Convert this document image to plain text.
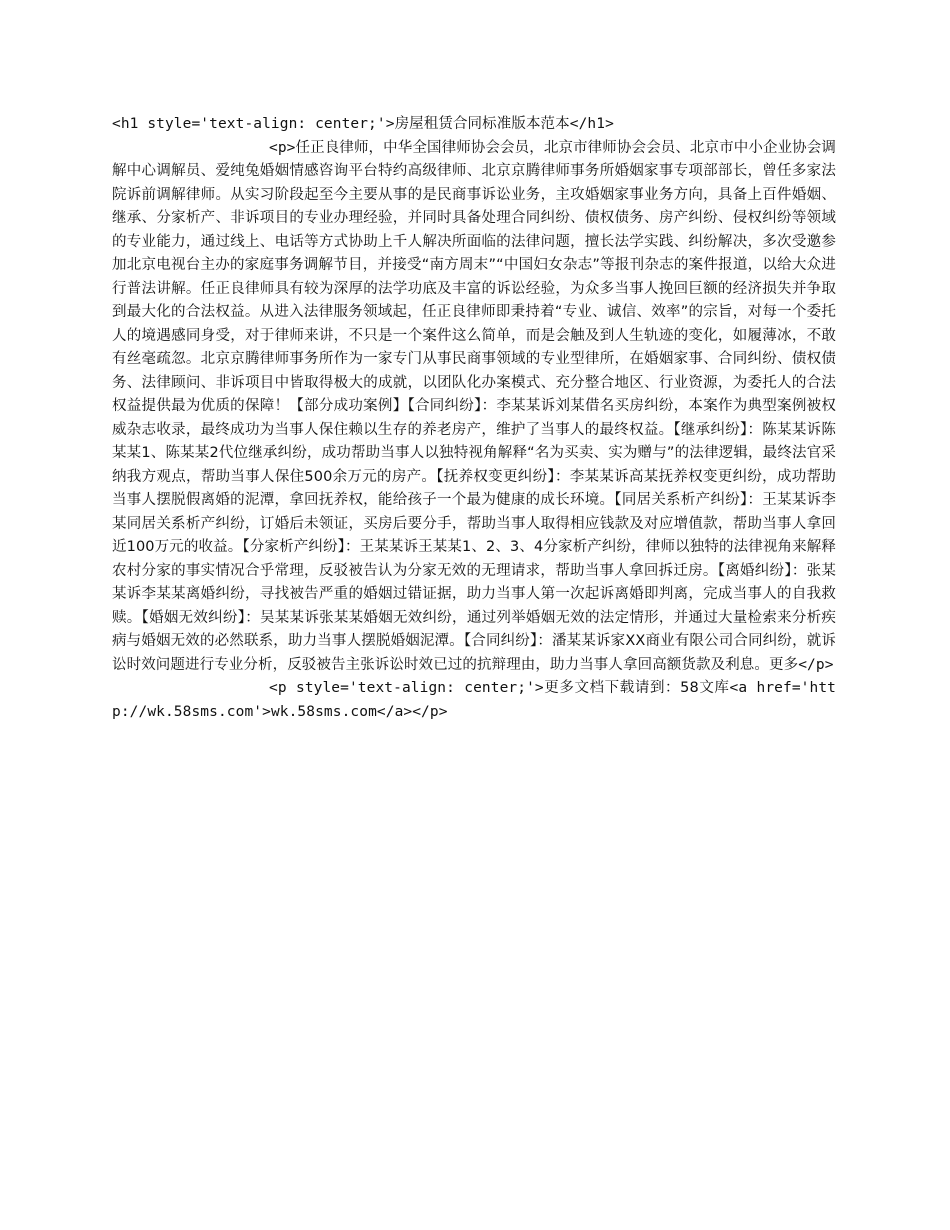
<h1 style='text-align: center;'>房屋租赁合同标准版本范本</h1>
<p>任正良律师，中华全国律师协会会员，北京市律师协会会员、北京市中小企业协会调解中心调解员、爱纯兔婚姻情感咨询平台特约高级律师、北京京腾律师事务所婚姻家事专项部部长，曾任多家法院诉前调解律师。从实习阶段起至今主要从事的是民商事诉讼业务，主攻婚姻家事业务方向，具备上百件婚姻、继承、分家析产、非诉项目的专业办理经验，并同时具备处理合同纠纷、债权债务、房产纠纷、侵权纠纷等领域的专业能力，通过线上、电话等方式协助上千人解决所面临的法律问题，擅长法学实践、纠纷解决，多次受邀参加北京电视台主办的家庭事务调解节目，并接受“南方周末”“中国妇女杂志”等报刊杂志的案件报道，以给大众进行普法讲解。任正良律师具有较为深厚的法学功底及丰富的诉讼经验，为众多当事人挽回巨额的经济损失并争取到最大化的合法权益。从进入法律服务领域起，任正良律师即秉持着“专业、诚信、效率”的宗旨，对每一个委托人的境遇感同身受，对于律师来讲，不只是一个案件这么简单，而是会触及到人生轨迹的变化，如履薄冰，不敢有丝毫疏忽。北京京腾律师事务所作为一家专门从事民商事领域的专业型律所，在婚姻家事、合同纠纷、债权债务、法律顾问、非诉项目中皆取得极大的成就，以团队化办案模式、充分整合地区、行业资源，为委托人的合法权益提供最为优质的保障！【部分成功案例】【合同纠纷】：李某某诉刘某借名买房纠纷，本案作为典型案例被权威杂志收录，最终成功为当事人保住赖以生存的养老房产，维护了当事人的最终权益。【继承纠纷】：陈某某诉陈某某1、陈某某2代位继承纠纷，成功帮助当事人以独特视角解释“名为买卖、实为赠与”的法律逻辑，最终法官采纳我方观点，帮助当事人保住500余万元的房产。【抚养权变更纠纷】：李某某诉高某抚养权变更纠纷，成功帮助当事人摆脱假离婚的泥潭，拿回抚养权，能给孩子一个最为健康的成长环境。【同居关系析产纠纷】：王某某诉李某同居关系析产纠纷，订婚后未领证，买房后要分手，帮助当事人取得相应钱款及对应增值款，帮助当事人拿回近100万元的收益。【分家析产纠纷】：王某某诉王某某1、2、3、4分家析产纠纷，律师以独特的法律视角来解释农村分家的事实情况合乎常理，反驳被告认为分家无效的无理请求，帮助当事人拿回拆迁房。【离婚纠纷】：张某某诉李某某离婚纠纷，寻找被告严重的婚姻过错证据，助力当事人第一次起诉离婚即判离，完成当事人的自我救赎。【婚姻无效纠纷】：吴某某诉张某某婚姻无效纠纷，通过列举婚姻无效的法定情形，并通过大量检索来分析疾病与婚姻无效的必然联系，助力当事人摆脱婚姻泥潭。【合同纠纷】：潘某某诉家XX商业有限公司合同纠纷，就诉讼时效问题进行专业分析，反驳被告主张诉讼时效已过的抗辩理由，助力当事人拿回高额货款及利息。更多</p>
<p style='text-align: center;'>更多文档下载请到：58文库<a href='http://wk.58sms.com'>wk.58sms.com</a></p>
